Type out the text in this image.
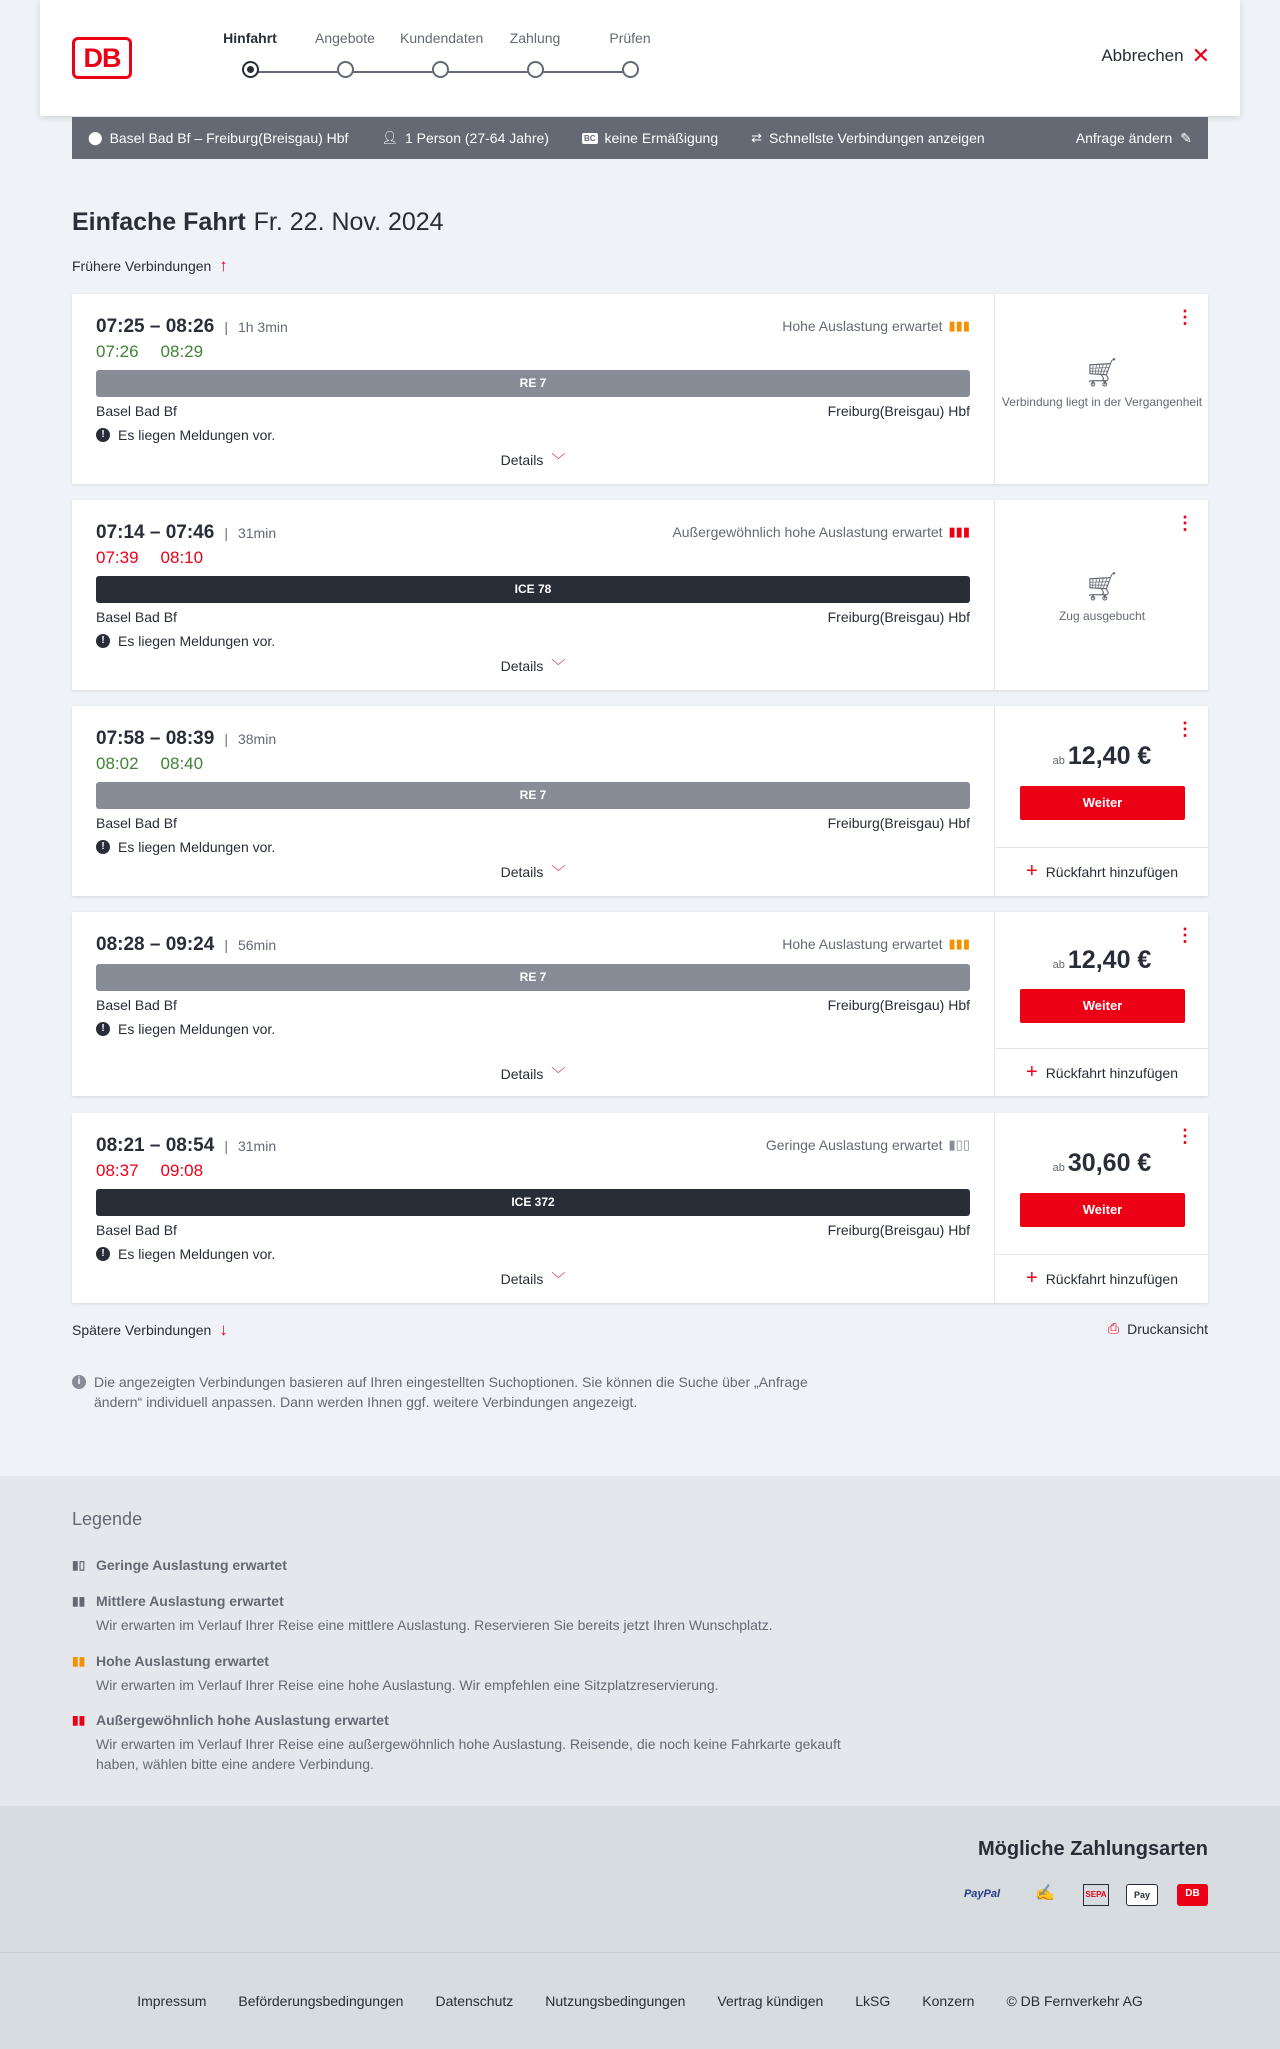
DB
Hinfahrt	Angebote	Kundendaten	Zahlung	Prüfen
Abbrechen ✕
⬤ Basel Bad Bf – Freiburg(Breisgau) Hbf	👤︎ 1 Person (27-64 Jahre)	BC keine Ermäßigung	⇄ Schnellste Verbindungen anzeigen	Anfrage ändern ✎
Einfache Fahrt Fr. 22. Nov. 2024
Frühere Verbindungen ↑
07:25 – 08:26 | 1h 3min	Hohe Auslastung erwartet ▮▮▮
07:26 08:29
RE 7
Basel Bad Bf	Freiburg(Breisgau) Hbf
! Es liegen Meldungen vor.
Details ﹀
⋮
🛒︎
Verbindung liegt in der Vergangenheit
07:14 – 07:46 | 31min	Außergewöhnlich hohe Auslastung erwartet ▮▮▮
07:39 08:10
ICE 78
Basel Bad Bf	Freiburg(Breisgau) Hbf
! Es liegen Meldungen vor.
Details ﹀
⋮
🛒︎
Zug ausgebucht
07:58 – 08:39 | 38min
08:02 08:40
RE 7
Basel Bad Bf	Freiburg(Breisgau) Hbf
! Es liegen Meldungen vor.
Details ﹀
⋮
ab 12,40 €
Weiter
+ Rückfahrt hinzufügen
08:28 – 09:24 | 56min	Hohe Auslastung erwartet ▮▮▮
RE 7
Basel Bad Bf	Freiburg(Breisgau) Hbf
! Es liegen Meldungen vor.
Details ﹀
⋮
ab 12,40 €
Weiter
+ Rückfahrt hinzufügen
08:21 – 08:54 | 31min	Geringe Auslastung erwartet ▮▯▯
08:37 09:08
ICE 372
Basel Bad Bf	Freiburg(Breisgau) Hbf
! Es liegen Meldungen vor.
Details ﹀
⋮
ab 30,60 €
Weiter
+ Rückfahrt hinzufügen
Spätere Verbindungen ↓	⎙ Druckansicht
i Die angezeigten Verbindungen basieren auf Ihren eingestellten Suchoptionen. Sie können die Suche über „Anfrage ändern“ individuell anpassen. Dann werden Ihnen ggf. weitere Verbindungen angezeigt.
Legende
▮▯ Geringe Auslastung erwartet
▮▮ Mittlere Auslastung erwartet
Wir erwarten im Verlauf Ihrer Reise eine mittlere Auslastung. Reservieren Sie bereits jetzt Ihren Wunschplatz.
▮▮ Hohe Auslastung erwartet
Wir erwarten im Verlauf Ihrer Reise eine hohe Auslastung. Wir empfehlen eine Sitzplatzreservierung.
▮▮ Außergewöhnlich hohe Auslastung erwartet
Wir erwarten im Verlauf Ihrer Reise eine außergewöhnlich hohe Auslastung. Reisende, die noch keine Fahrkarte gekauft haben, wählen bitte eine andere Verbindung.
Mögliche Zahlungsarten
PayPal	✍	SEPA	Pay	DB
Impressum Beförderungsbedingungen Datenschutz Nutzungsbedingungen Vertrag kündigen LkSG Konzern © DB Fernverkehr AG
